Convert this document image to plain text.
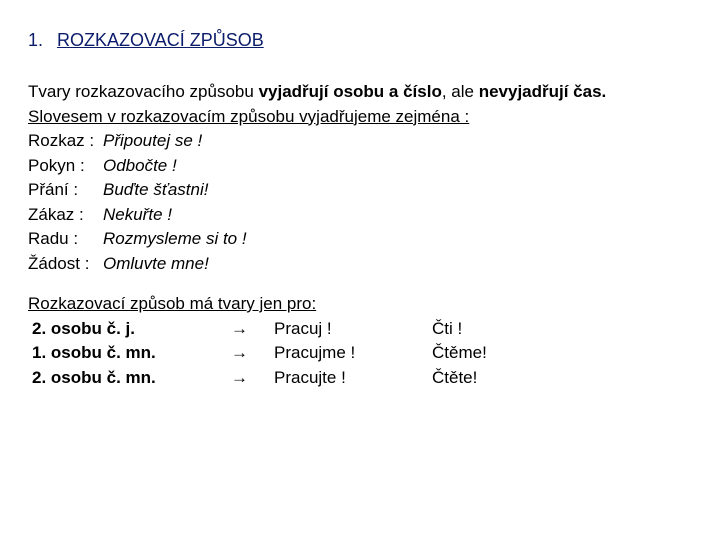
1. ROZKAZOVACÍ ZPŮSOB
Tvary rozkazovacího způsobu vyjadřují osobu a číslo, ale nevyjadřují čas.
Slovesem v rozkazovacím způsobu vyjadřujeme zejména :
Rozkaz : Připoutej se !
Pokyn : Odbočte !
Přání : Buďte šťastni!
Zákaz : Nekuřte !
Radu : Rozmysleme si to !
Žádost : Omluvte mne!
Rozkazovací způsob má tvary jen pro:
2. osobu č. j.	→ Pracuj !	Čti !
1. osobu č. mn.	→ Pracujme !	Čtěme!
2. osobu č. mn.	→ Pracujte !	Čtěte!
